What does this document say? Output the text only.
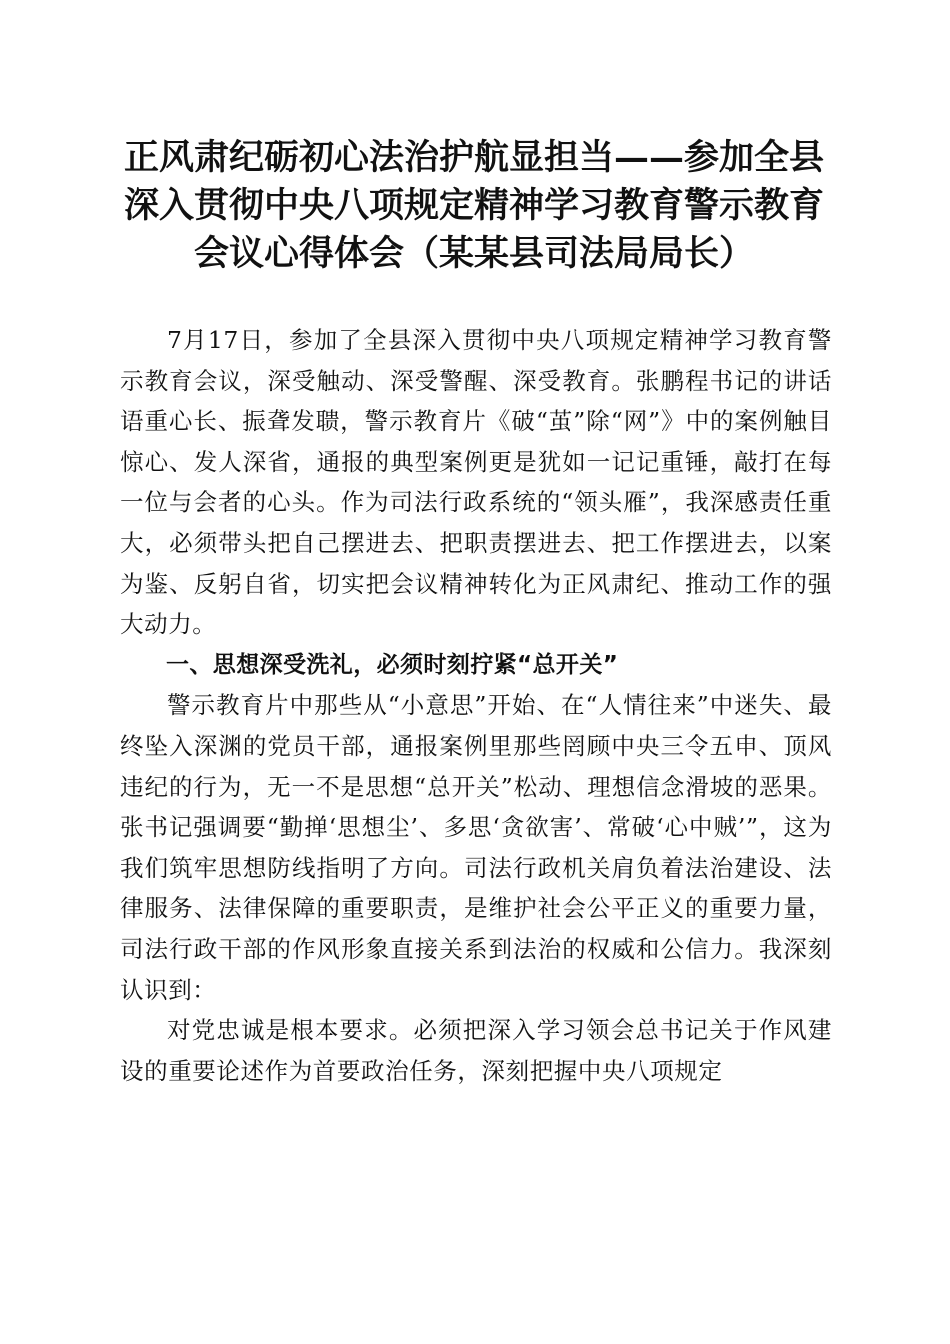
正风肃纪砺初心法治护航显担当——参加全县
深入贯彻中央八项规定精神学习教育警示教育
会议心得体会（某某县司法局局长）

7月17日，参加了全县深入贯彻中央八项规定精神学习教育警示教育会议，深受触动、深受警醒、深受教育。张鹏程书记的讲话语重心长、振聋发聩，警示教育片《破“茧”除“网”》中的案例触目惊心、发人深省，通报的典型案例更是犹如一记记重锤，敲打在每一位与会者的心头。作为司法行政系统的“领头雁”，我深感责任重大，必须带头把自己摆进去、把职责摆进去、把工作摆进去，以案为鉴、反躬自省，切实把会议精神转化为正风肃纪、推动工作的强大动力。

一、思想深受洗礼，必须时刻拧紧“总开关”

警示教育片中那些从“小意思”开始、在“人情往来”中迷失、最终坠入深渊的党员干部，通报案例里那些罔顾中央三令五申、顶风违纪的行为，无一不是思想“总开关”松动、理想信念滑坡的恶果。张书记强调要“勤掸‘思想尘’、多思‘贪欲害’、常破‘心中贼’”，这为我们筑牢思想防线指明了方向。司法行政机关肩负着法治建设、法律服务、法律保障的重要职责，是维护社会公平正义的重要力量，司法行政干部的作风形象直接关系到法治的权威和公信力。我深刻认识到：

对党忠诚是根本要求。必须把深入学习领会总书记关于作风建设的重要论述作为首要政治任务，深刻把握中央八项规定
